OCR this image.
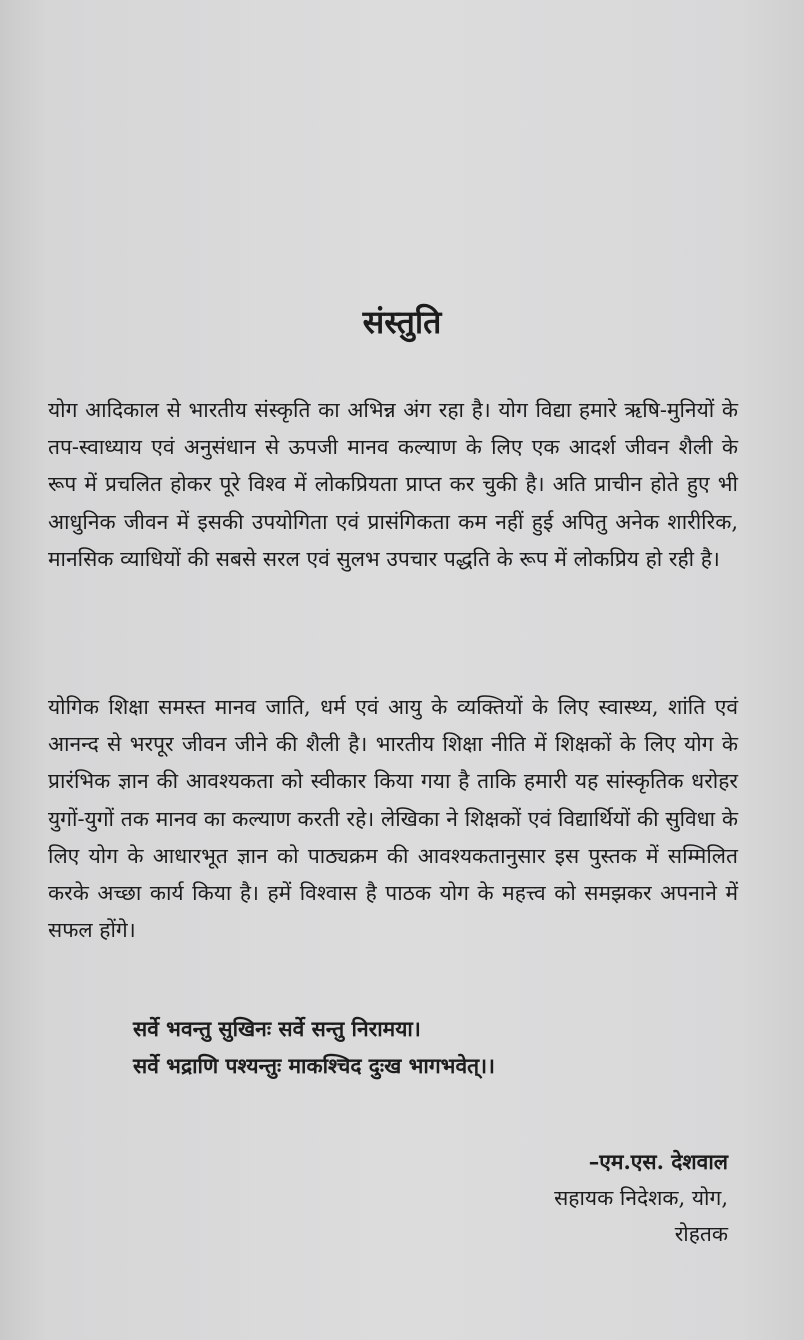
संस्तुति

योग आदिकाल से भारतीय संस्कृति का अभिन्न अंग रहा है। योग विद्या हमारे ऋषि-मुनियों के तप-स्वाध्याय एवं अनुसंधान से ऊपजी मानव कल्याण के लिए एक आदर्श जीवन शैली के रूप में प्रचलित होकर पूरे विश्व में लोकप्रियता प्राप्त कर चुकी है। अति प्राचीन होते हुए भी आधुनिक जीवन में इसकी उपयोगिता एवं प्रासंगिकता कम नहीं हुई अपितु अनेक शारीरिक, मानसिक व्याधियों की सबसे सरल एवं सुलभ उपचार पद्धति के रूप में लोकप्रिय हो रही है।

योगिक शिक्षा समस्त मानव जाति, धर्म एवं आयु के व्यक्तियों के लिए स्वास्थ्य, शांति एवं आनन्द से भरपूर जीवन जीने की शैली है। भारतीय शिक्षा नीति में शिक्षकों के लिए योग के प्रारंभिक ज्ञान की आवश्यकता को स्वीकार किया गया है ताकि हमारी यह सांस्कृतिक धरोहर युगों-युगों तक मानव का कल्याण करती रहे। लेखिका ने शिक्षकों एवं विद्यार्थियों की सुविधा के लिए योग के आधारभूत ज्ञान को पाठ्यक्रम की आवश्यकतानुसार इस पुस्तक में सम्मिलित करके अच्छा कार्य किया है। हमें विश्वास है पाठक योग के महत्त्व को समझकर अपनाने में सफल होंगे।

सर्वे भवन्तु सुखिनः सर्वे सन्तु निरामया।

सर्वे भद्राणि पश्यन्तुः माकश्चिद दुःख भागभवेत्।।

–एम.एस. देशवाल

सहायक निदेशक, योग,

रोहतक
